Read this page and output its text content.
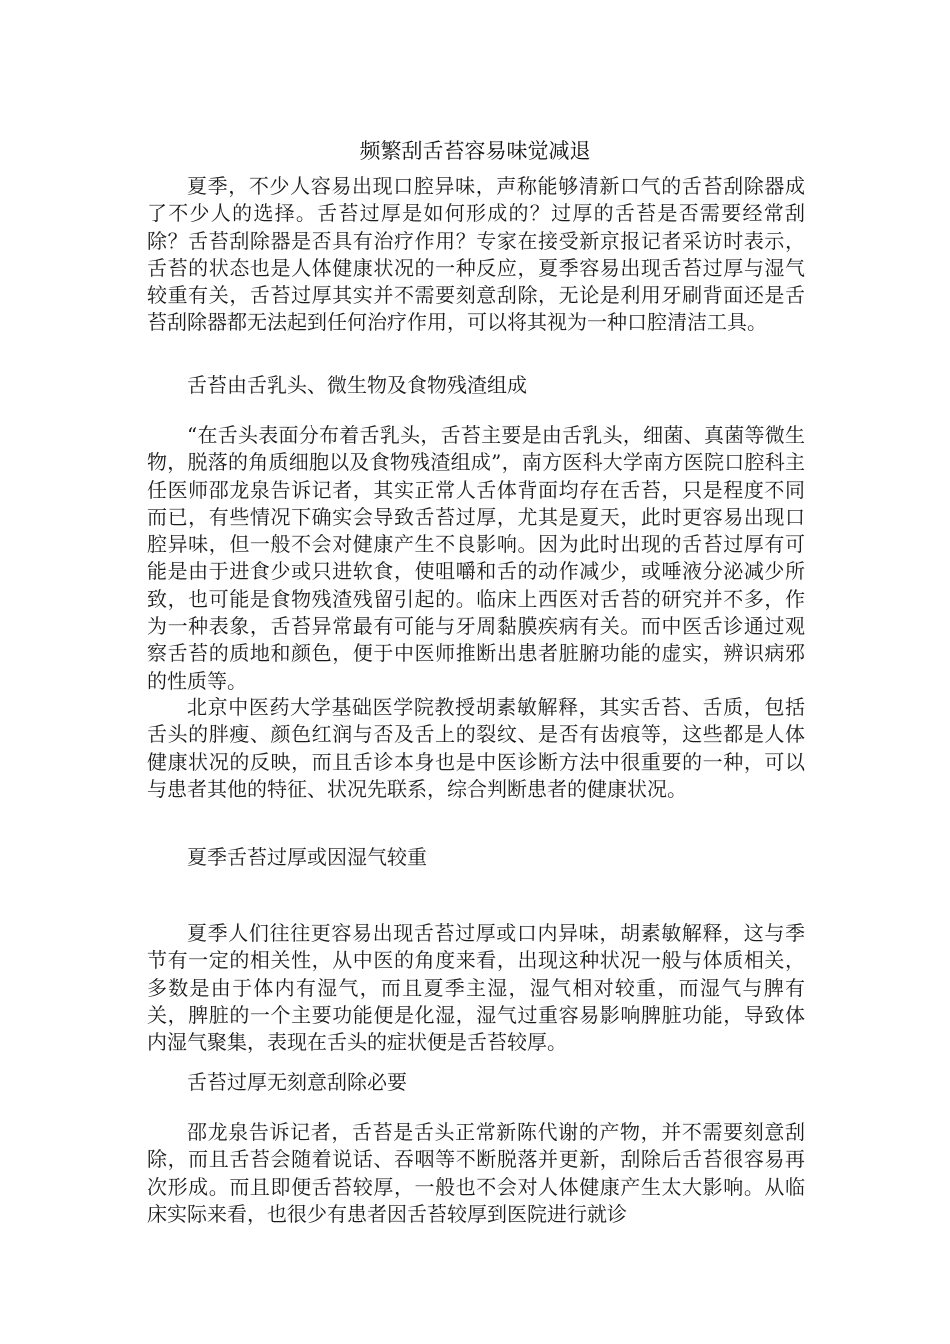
频繁刮舌苔容易味觉减退

夏季，不少人容易出现口腔异味，声称能够清新口气的舌苔刮除器成了不少人的选择。舌苔过厚是如何形成的？过厚的舌苔是否需要经常刮除？舌苔刮除器是否具有治疗作用？专家在接受新京报记者采访时表示，舌苔的状态也是人体健康状况的一种反应，夏季容易出现舌苔过厚与湿气较重有关，舌苔过厚其实并不需要刻意刮除，无论是利用牙刷背面还是舌苔刮除器都无法起到任何治疗作用，可以将其视为一种口腔清洁工具。

舌苔由舌乳头、微生物及食物残渣组成

“在舌头表面分布着舌乳头，舌苔主要是由舌乳头，细菌、真菌等微生物，脱落的角质细胞以及食物残渣组成”，南方医科大学南方医院口腔科主任医师邵龙泉告诉记者，其实正常人舌体背面均存在舌苔，只是程度不同而已，有些情况下确实会导致舌苔过厚，尤其是夏天，此时更容易出现口腔异味，但一般不会对健康产生不良影响。因为此时出现的舌苔过厚有可能是由于进食少或只进软食，使咀嚼和舌的动作减少，或唾液分泌减少所致，也可能是食物残渣残留引起的。临床上西医对舌苔的研究并不多，作为一种表象，舌苔异常最有可能与牙周黏膜疾病有关。而中医舌诊通过观察舌苔的质地和颜色，便于中医师推断出患者脏腑功能的虚实，辨识病邪的性质等。

北京中医药大学基础医学院教授胡素敏解释，其实舌苔、舌质，包括舌头的胖瘦、颜色红润与否及舌上的裂纹、是否有齿痕等，这些都是人体健康状况的反映，而且舌诊本身也是中医诊断方法中很重要的一种，可以与患者其他的特征、状况先联系，综合判断患者的健康状况。

夏季舌苔过厚或因湿气较重

夏季人们往往更容易出现舌苔过厚或口内异味，胡素敏解释，这与季节有一定的相关性，从中医的角度来看，出现这种状况一般与体质相关，多数是由于体内有湿气，而且夏季主湿，湿气相对较重，而湿气与脾有关，脾脏的一个主要功能便是化湿，湿气过重容易影响脾脏功能，导致体内湿气聚集，表现在舌头的症状便是舌苔较厚。

舌苔过厚无刻意刮除必要

邵龙泉告诉记者，舌苔是舌头正常新陈代谢的产物，并不需要刻意刮除，而且舌苔会随着说话、吞咽等不断脱落并更新，刮除后舌苔很容易再次形成。而且即便舌苔较厚，一般也不会对人体健康产生太大影响。从临床实际来看，也很少有患者因舌苔较厚到医院进行就诊
